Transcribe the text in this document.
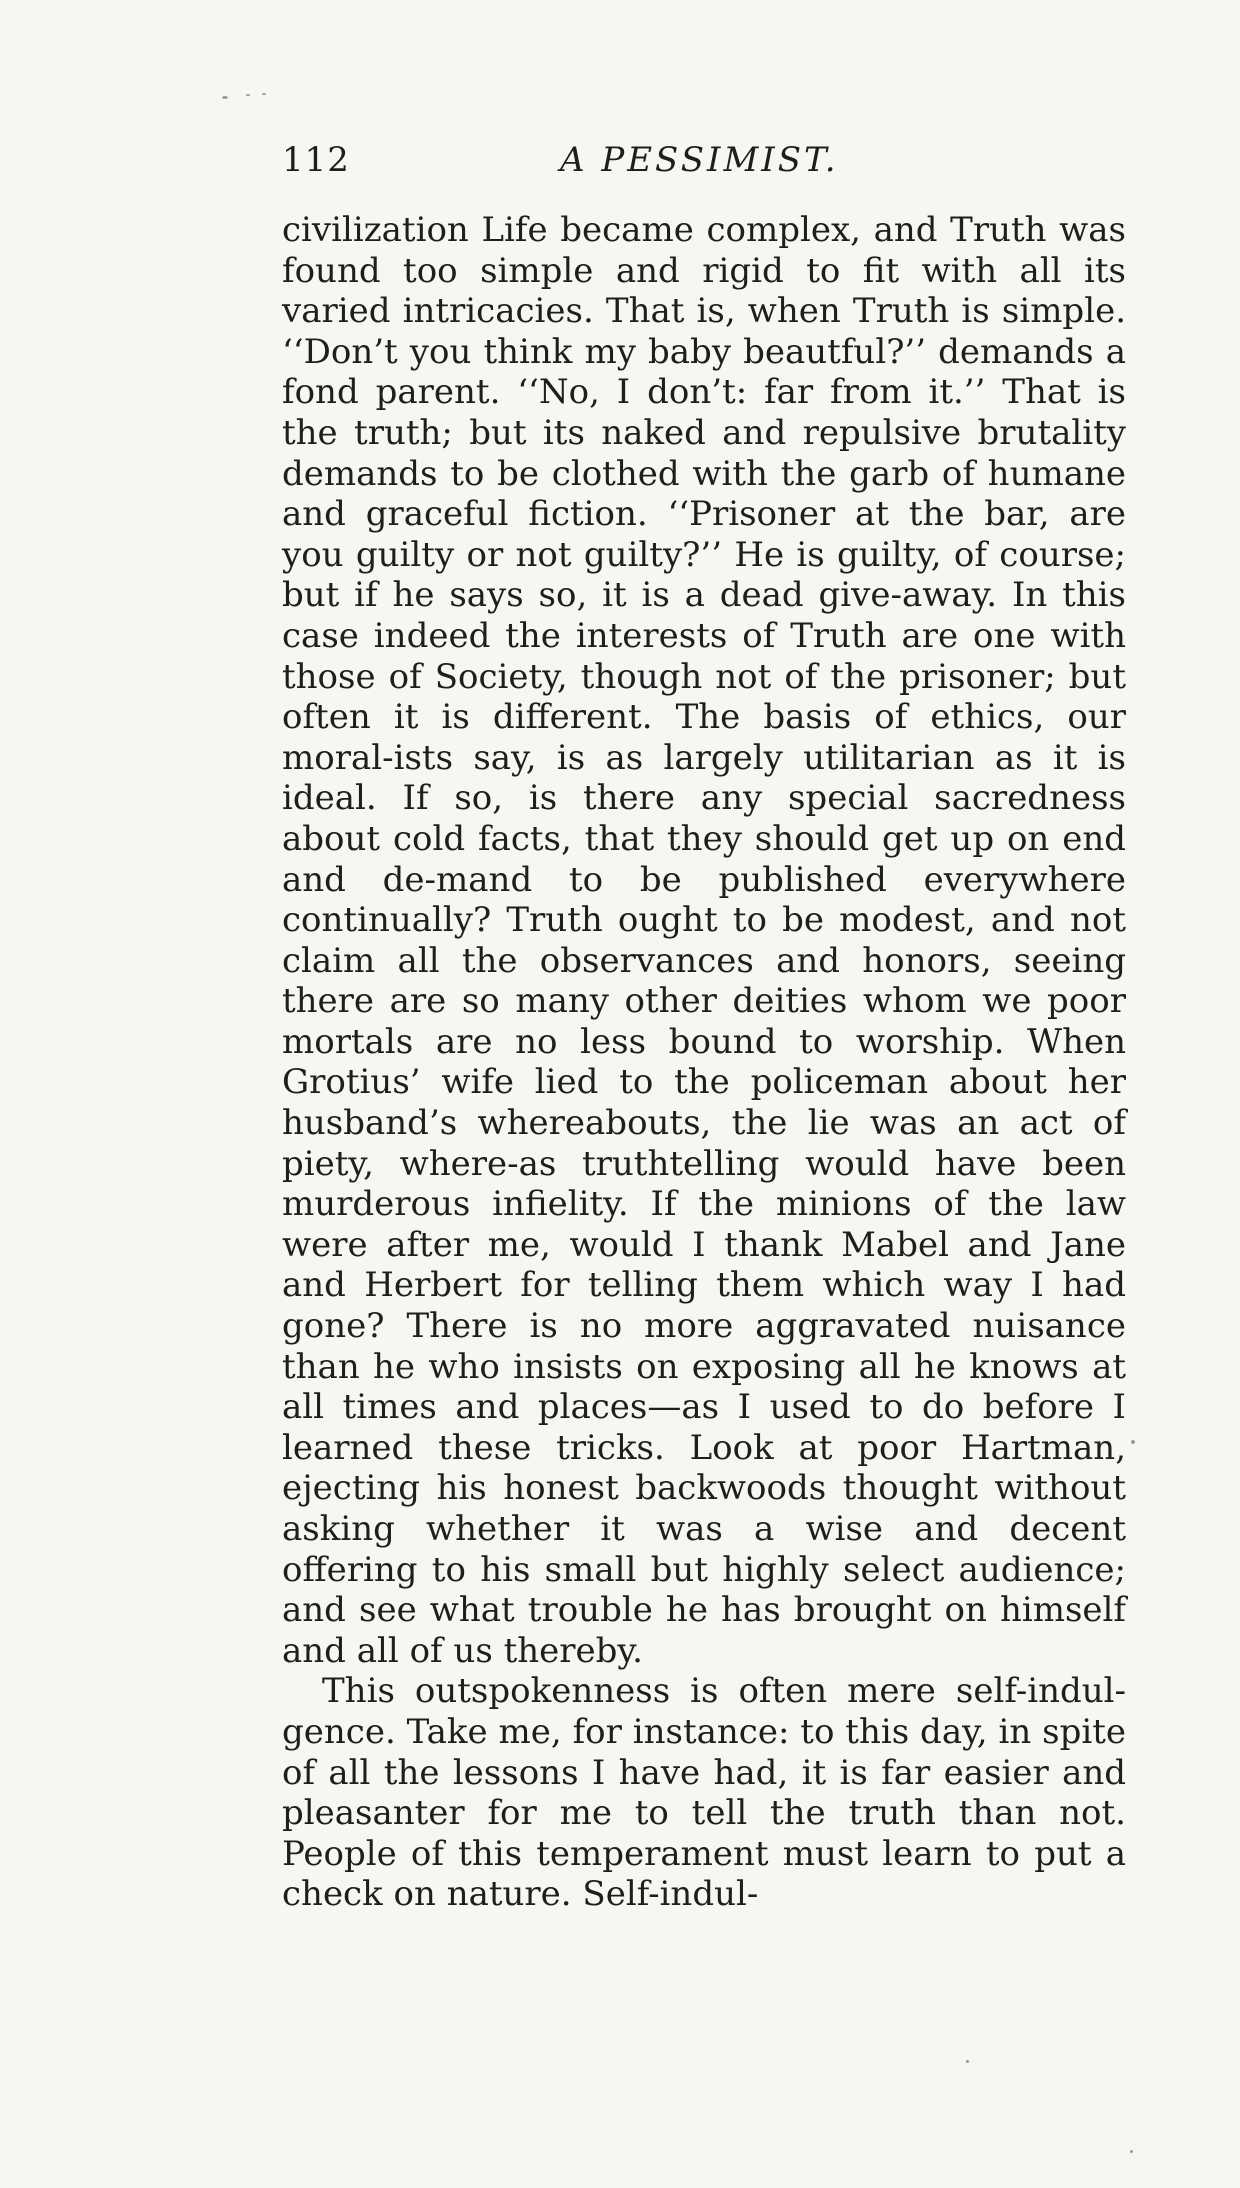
112	A PESSIMIST.

civilization Life became complex, and Truth was found too simple and rigid to fit with all its varied intricacies. That is, when Truth is simple. ‘‘Don’t you think my baby beautful?’’ demands a fond parent. ‘‘No, I don’t: far from it.’’ That is the truth; but its naked and repulsive brutality demands to be clothed with the garb of humane and graceful fiction. ‘‘Prisoner at the bar, are you guilty or not guilty?’’ He is guilty, of course; but if he says so, it is a dead give-away. In this case indeed the interests of Truth are one with those of Society, though not of the prisoner; but often it is different. The basis of ethics, our moral-ists say, is as largely utilitarian as it is ideal. If so, is there any special sacredness about cold facts, that they should get up on end and de-mand to be published everywhere continually? Truth ought to be modest, and not claim all the observances and honors, seeing there are so many other deities whom we poor mortals are no less bound to worship. When Grotius’ wife lied to the policeman about her husband’s whereabouts, the lie was an act of piety, where-as truthtelling would have been murderous infielity. If the minions of the law were after me, would I thank Mabel and Jane and Herbert for telling them which way I had gone? There is no more aggravated nuisance than he who insists on exposing all he knows at all times and places—as I used to do before I learned these tricks. Look at poor Hartman, ejecting his honest backwoods thought without asking whether it was a wise and decent offering to his small but highly select audience; and see what trouble he has brought on himself and all of us thereby.

This outspokenness is often mere self-indul-gence. Take me, for instance: to this day, in spite of all the lessons I have had, it is far easier and pleasanter for me to tell the truth than not. People of this temperament must learn to put a check on nature. Self-indul-
